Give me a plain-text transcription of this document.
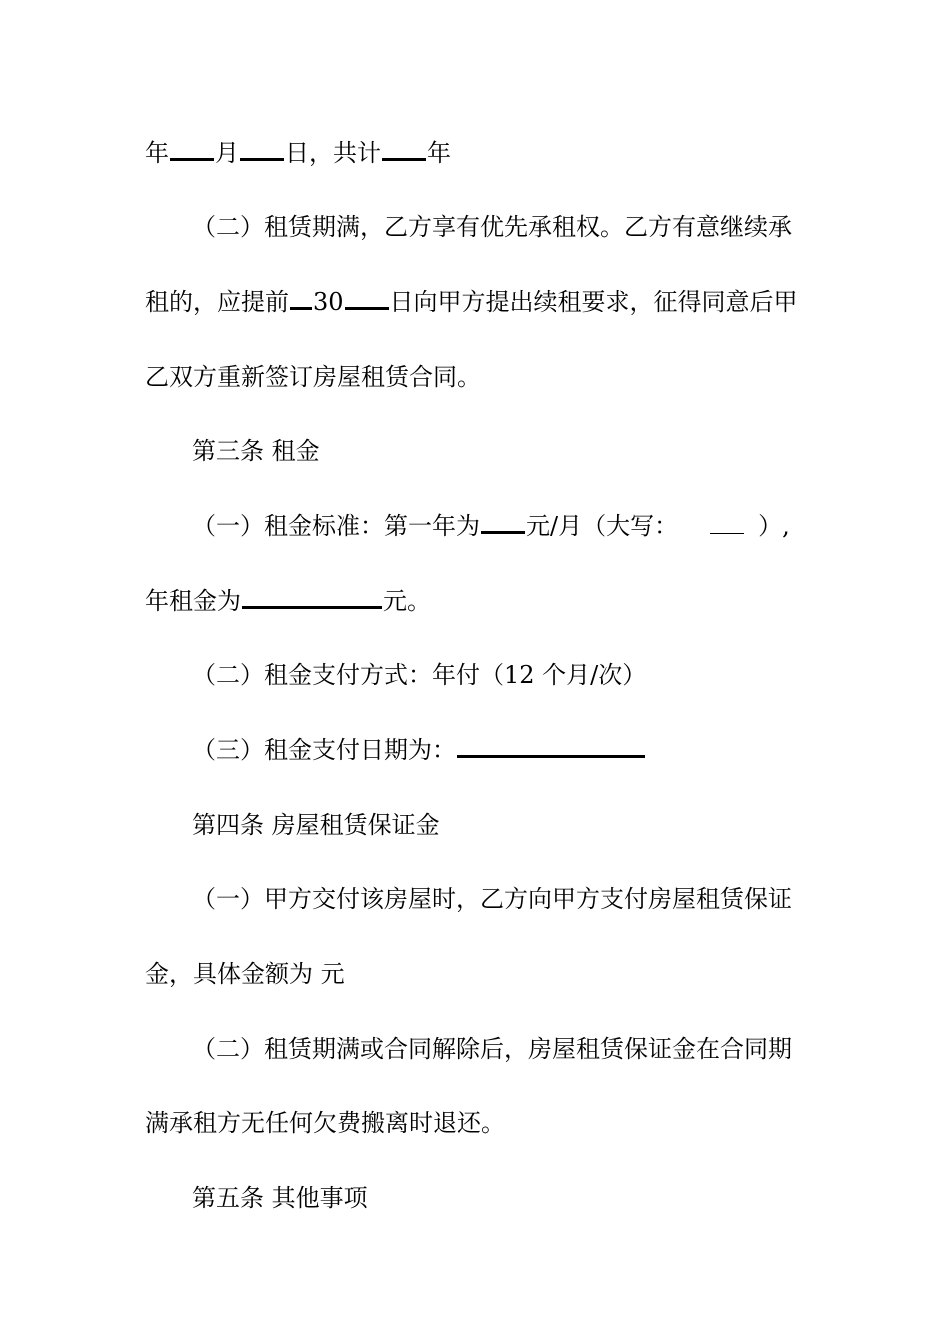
年 月 日，共计 年
（二）租赁期满，乙方享有优先承租权。乙方有意继续承
租的，应提前 30 日向甲方提出续租要求，征得同意后甲
乙双方重新签订房屋租赁合同。
第三条 租金
（一）租金标准：第一年为 元/月（大写：	）,
年租金为	元。
（二）租金支付方式：年付（12 个月/次）
（三）租金支付日期为：
第四条 房屋租赁保证金
（一）甲方交付该房屋时，乙方向甲方支付房屋租赁保证
金，具体金额为 元
（二）租赁期满或合同解除后，房屋租赁保证金在合同期
满承租方无任何欠费搬离时退还。
第五条 其他事项
